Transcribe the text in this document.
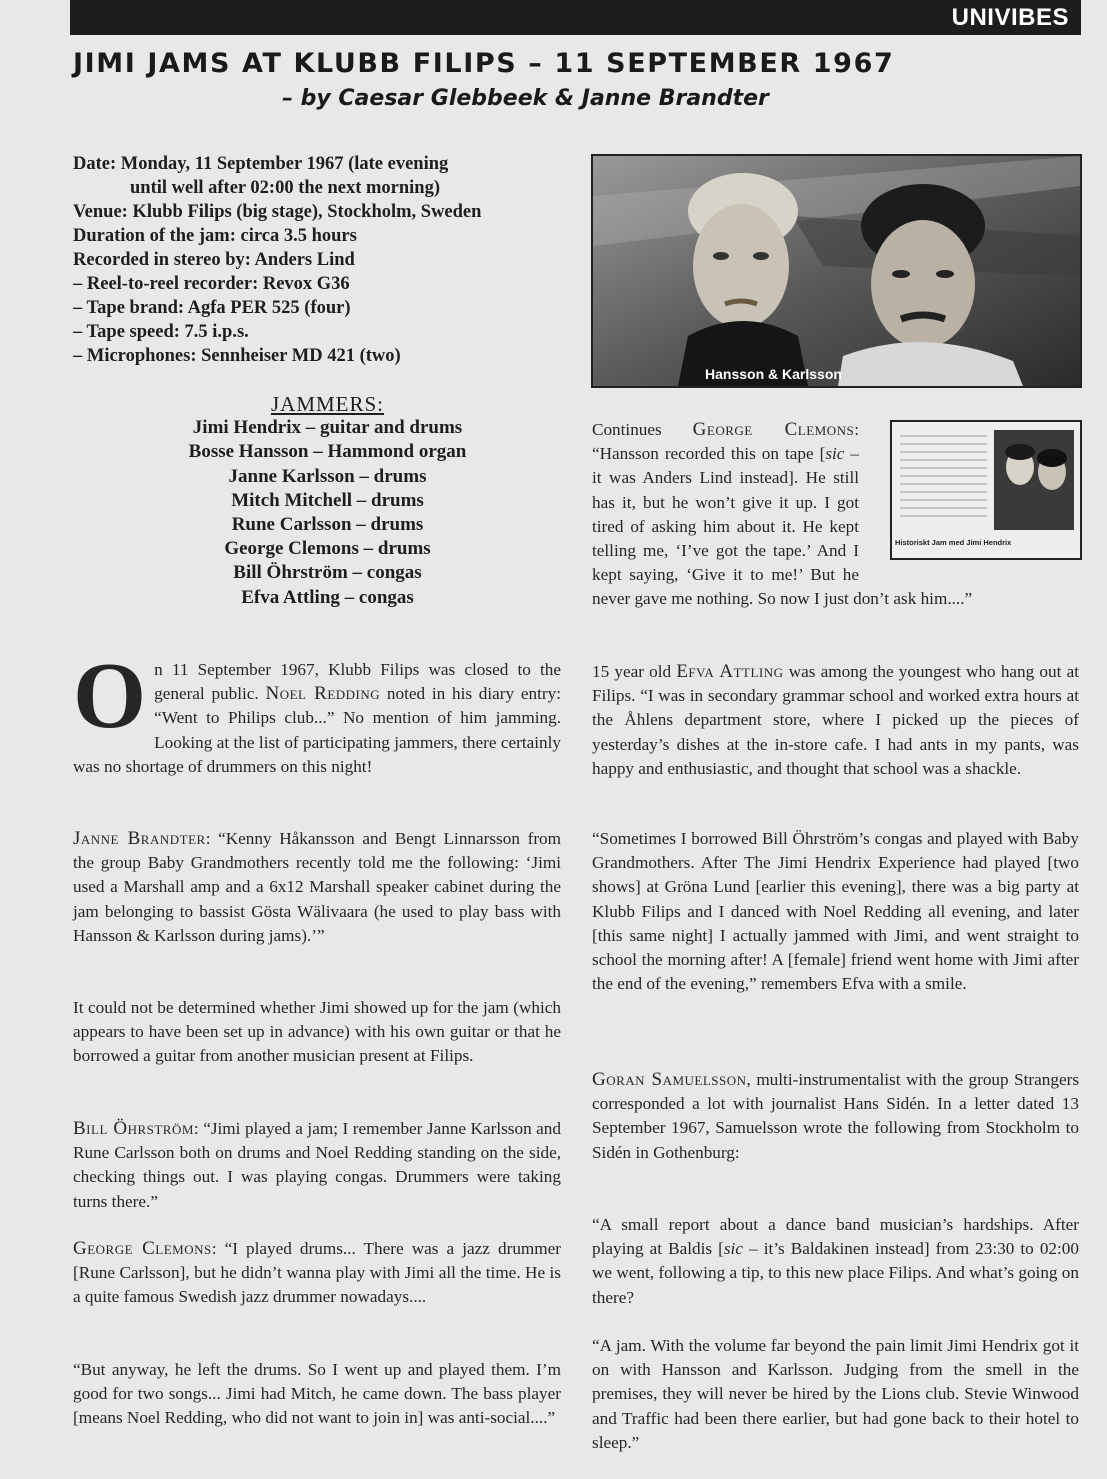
UNIVIBES
JIMI JAMS AT KLUBB FILIPS – 11 SEPTEMBER 1967
– by Caesar Glebbeek & Janne Brandter
Date: Monday, 11 September 1967 (late evening
until well after 02:00 the next morning)
Venue: Klubb Filips (big stage), Stockholm, Sweden
Duration of the jam: circa 3.5 hours
Recorded in stereo by: Anders Lind
– Reel-to-reel recorder: Revox G36
– Tape brand: Agfa PER 525 (four)
– Tape speed: 7.5 i.p.s.
– Microphones: Sennheiser MD 421 (two)
JAMMERS:
Jimi Hendrix – guitar and drums
Bosse Hansson – Hammond organ
Janne Karlsson – drums
Mitch Mitchell – drums
Rune Carlsson – drums
George Clemons – drums
Bill Öhrström – congas
Efva Attling – congas
Hansson & Karlsson
Historiskt Jam med Jimi Hendrix
On 11 September 1967, Klubb Filips was closed to the general public. Noel Redding noted in his diary entry: “Went to Philips club...” No mention of him jamming. Looking at the list of participating jammers, there certainly was no shortage of drummers on this night!
Janne Brandter: “Kenny Håkansson and Bengt Linnarsson from the group Baby Grandmothers recently told me the following: ‘Jimi used a Marshall amp and a 6x12 Marshall speaker cabinet during the jam belonging to bassist Gösta Wälivaara (he used to play bass with Hansson & Karlsson during jams).’”
It could not be determined whether Jimi showed up for the jam (which appears to have been set up in advance) with his own guitar or that he borrowed a guitar from another musician present at Filips.
Bill Öhrström: “Jimi played a jam; I remember Janne Karlsson and Rune Carlsson both on drums and Noel Redding standing on the side, checking things out. I was playing congas. Drummers were taking turns there.”
George Clemons: “I played drums... There was a jazz drummer [Rune Carlsson], but he didn’t wanna play with Jimi all the time. He is a quite famous Swedish jazz drummer nowadays....
“But anyway, he left the drums. So I went up and played them. I’m good for two songs... Jimi had Mitch, he came down. The bass player [means Noel Redding, who did not want to join in] was anti-social....”
Continues George Clemons: “Hansson recorded this on tape [sic – it was Anders Lind instead]. He still has it, but he won’t give it up. I got tired of asking him about it. He kept telling me, ‘I’ve got the tape.’ And I kept saying, ‘Give it to me!’ But he never gave me nothing. So now I just don’t ask him....”
15 year old Efva Attling was among the youngest who hang out at Filips. “I was in secondary grammar school and worked extra hours at the Åhlens department store, where I picked up the pieces of yesterday’s dishes at the in-store cafe. I had ants in my pants, was happy and enthusiastic, and thought that school was a shackle.
“Sometimes I borrowed Bill Öhrström’s congas and played with Baby Grandmothers. After The Jimi Hendrix Experience had played [two shows] at Gröna Lund [earlier this evening], there was a big party at Klubb Filips and I danced with Noel Redding all evening, and later [this same night] I actually jammed with Jimi, and went straight to school the morning after! A [female] friend went home with Jimi after the end of the evening,” remembers Efva with a smile.
Goran Samuelsson, multi-instrumentalist with the group Strangers corresponded a lot with journalist Hans Sidén. In a letter dated 13 September 1967, Samuelsson wrote the following from Stockholm to Sidén in Gothenburg:
“A small report about a dance band musician’s hardships. After playing at Baldis [sic – it’s Baldakinen instead] from 23:30 to 02:00 we went, following a tip, to this new place Filips. And what’s going on there?
“A jam. With the volume far beyond the pain limit Jimi Hendrix got it on with Hansson and Karlsson. Judging from the smell in the premises, they will never be hired by the Lions club. Stevie Winwood and Traffic had been there earlier, but had gone back to their hotel to sleep.”
